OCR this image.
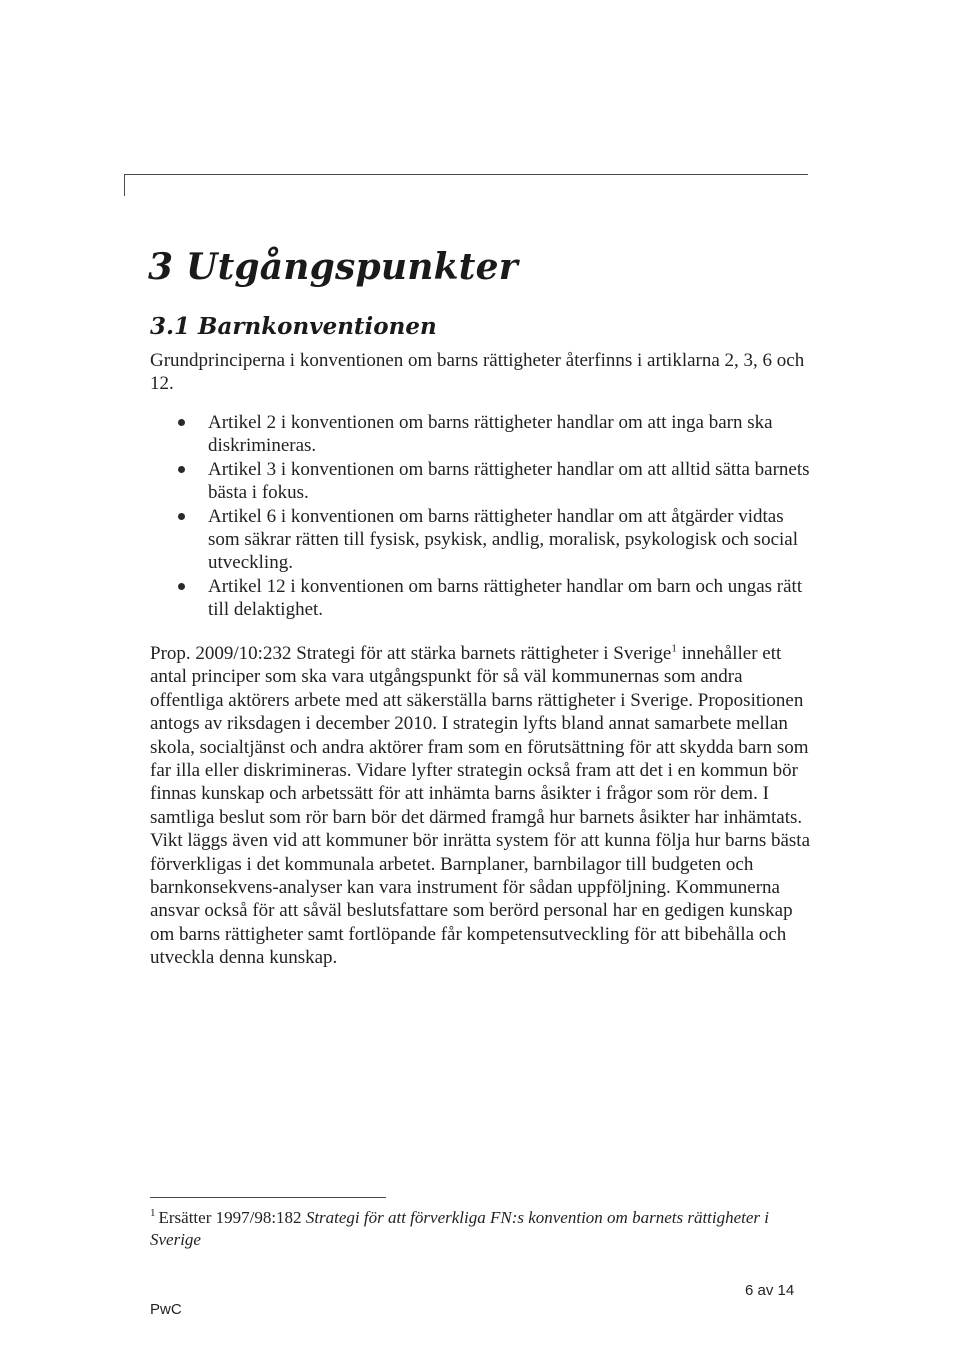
3 Utgångspunkter
3.1 Barnkonventionen

Grundprinciperna i konventionen om barns rättigheter återfinns i artiklarna 2, 3, 6 och 12.

Artikel 2 i konventionen om barns rättigheter handlar om att inga barn ska diskrimineras.
Artikel 3 i konventionen om barns rättigheter handlar om att alltid sätta barnets bästa i fokus.
Artikel 6 i konventionen om barns rättigheter handlar om att åtgärder vidtas som säkrar rätten till fysisk, psykisk, andlig, moralisk, psykologisk och social utveckling.
Artikel 12 i konventionen om barns rättigheter handlar om barn och ungas rätt till delaktighet.

Prop. 2009/10:232 Strategi för att stärka barnets rättigheter i Sverige$^1$ innehåller ett antal principer som ska vara utgångspunkt för så väl kommunernas som andra offentliga aktörers arbete med att säkerställa barns rättigheter i Sverige. Propositionen antogs av riksdagen i december 2010. I strategin lyfts bland annat samarbete mellan skola, socialtjänst och andra aktörer fram som en förutsättning för att skydda barn som far illa eller diskrimineras. Vidare lyfter strategin också fram att det i en kommun bör finnas kunskap och arbetssätt för att inhämta barns åsikter i frågor som rör dem. I samtliga beslut som rör barn bör det därmed framgå hur barnets åsikter har inhämtats. Vikt läggs även vid att kommuner bör inrätta system för att kunna följa hur barns bästa förverkligas i det kommunala arbetet. Barnplaner, barnbilagor till budgeten och barnkonsekvens-analyser kan vara instrument för sådan uppföljning. Kommunerna ansvar också för att såväl beslutsfattare som berörd personal har en gedigen kunskap om barns rättigheter samt fortlöpande får kompetensutveckling för att bibehålla och utveckla denna kunskap.

$^1$ Ersätter 1997/98:182 Strategi för att förverkliga FN:s konvention om barnets rättigheter i Sverige

6 av 14

PwC
